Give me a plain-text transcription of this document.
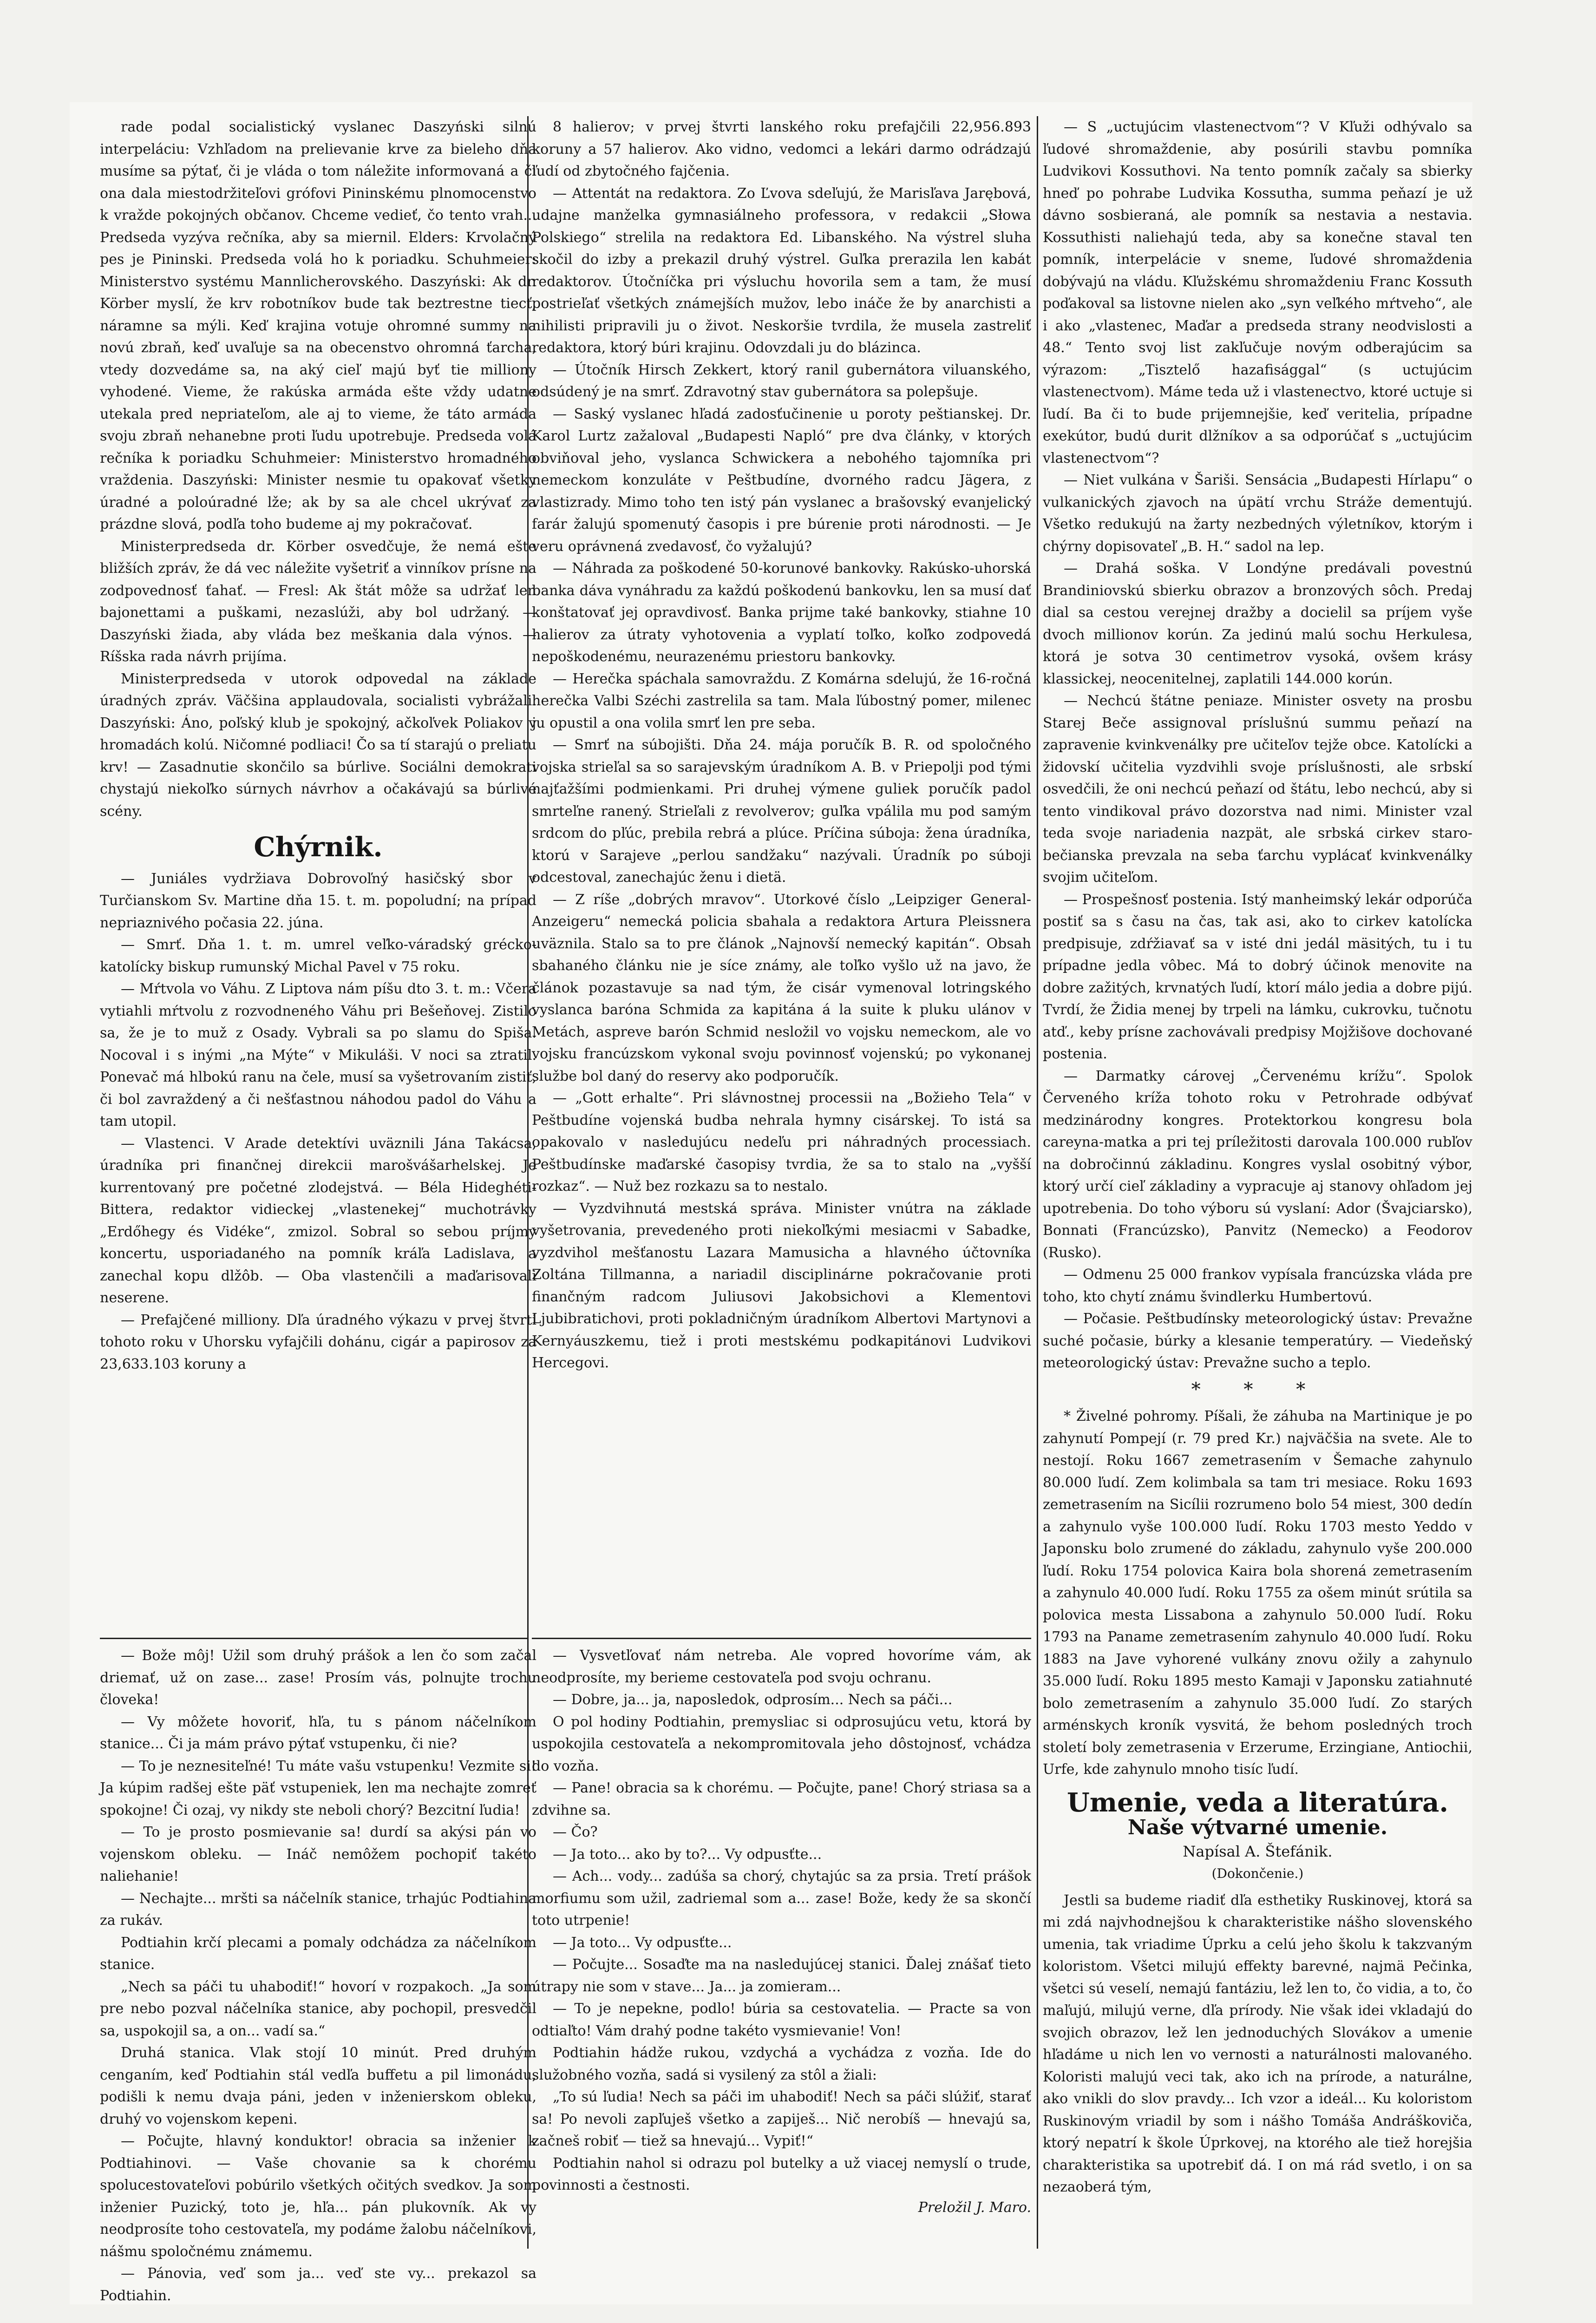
rade podal socialistický vyslanec Daszyński silnú interpeláciu: Vzhľadom na prelievanie krve za bieleho dňa musíme sa pýtať, či je vláda o tom náležite informovaná a či ona dala miestodržiteľovi grófovi Pininskému plnomocenstvo k vražde pokojných občanov. Chceme vedieť, čo tento vrah... Predseda vyzýva rečníka, aby sa miernil. Elders: Krvolačný pes je Pininski. Predseda volá ho k poriadku. Schuhmeier: Ministerstvo systému Mannlicherovského. Daszyński: Ak dr. Körber myslí, že krv robotníkov bude tak beztrestne tiecť, náramne sa mýli. Keď krajina votuje ohromné summy na novú zbraň, keď uvaľuje sa na obecenstvo ohromná ťarcha, vtedy dozvedáme sa, na aký cieľ majú byť tie milliony vyhodené. Vieme, že rakúska armáda ešte vždy udatne utekala pred nepriateľom, ale aj to vieme, že táto armáda svoju zbraň nehanebne proti ľudu upotrebuje. Predseda volá rečníka k poriadku Schuhmeier: Ministerstvo hromadného vraždenia. Daszyński: Minister nesmie tu opakovať všetky úradné a poloúradné lže; ak by sa ale chcel ukrývať za prázdne slová, podľa toho budeme aj my pokračovať.

Ministerpredseda dr. Körber osvedčuje, že nemá ešte bližších zpráv, že dá vec náležite vyšetriť a vinníkov prísne na zodpovednosť ťahať. — Fresl: Ak štát môže sa udržať len bajonettami a puškami, nezaslúži, aby bol udržaný. — Daszyński žiada, aby vláda bez meškania dala výnos. — Ríšska rada návrh prijíma.

Ministerpredseda v utorok odpovedal na základe úradných zpráv. Väčšina applaudovala, socialisti vybrážali. Daszyński: Áno, poľský klub je spokojný, ačkoľvek Poliakov v hromadách kolú. Ničomné podliaci! Čo sa tí starajú o preliatu krv! — Zasadnutie skončilo sa búrlive. Sociálni demokrati chystajú niekoľko súrnych návrhov a očakávajú sa búrlivé scény.

Chýrnik.

— Juniáles vydržiava Dobrovoľný hasičský sbor v Turčianskom Sv. Martine dňa 15. t. m. popoludní; na prípad nepriaznivého počasia 22. júna.

— Smrť. Dňa 1. t. m. umrel veľko-váradský grécko-katolícky biskup rumunský Michal Pavel v 75 roku.

— Mŕtvola vo Váhu. Z Liptova nám píšu dto 3. t. m.: Včera vytiahli mŕtvolu z rozvodneného Váhu pri Bešeňovej. Zistilo sa, že je to muž z Osady. Vybrali sa po slamu do Spiša. Nocoval i s inými „na Mýte“ v Mikuláši. V noci sa ztratil. Ponevač má hlbokú ranu na čele, musí sa vyšetrovaním zistiť, či bol zavraždený a či nešťastnou náhodou padol do Váhu a tam utopil.

— Vlastenci. V Arade detektívi uväznili Jána Takácsa, úradníka pri finančnej direkcii marošvášarhelskej. Je kurrentovaný pre početné zlodejstvá. — Béla Hideghéti-Bittera, redaktor vidieckej „vlastenekej“ muchotrávky „Erdőhegy és Vidéke“, zmizol. Sobral so sebou príjmy koncertu, usporiadaného na pomník kráľa Ladislava, a zanechal kopu dlžôb. — Oba vlastenčili a maďarisovali neserene.

— Prefajčené milliony. Dľa úradného výkazu v prvej štvrti tohoto roku v Uhorsku vyfajčili dohánu, cigár a papirosov za 23,633.103 koruny a

— Bože môj! Užil som druhý prášok a len čo som začal driemať, už on zase... zase! Prosím vás, polnujte trochu človeka!

— Vy môžete hovoriť, hľa, tu s pánom náčelníkom stanice... Či ja mám právo pýtať vstupenku, či nie?

— To je neznesiteľné! Tu máte vašu vstupenku! Vezmite si! Ja kúpim radšej ešte päť vstupeniek, len ma nechajte zomreť spokojne! Či ozaj, vy nikdy ste neboli chorý? Bezcitní ľudia!

— To je prosto posmievanie sa! durdí sa akýsi pán vo vojenskom obleku. — Ináč nemôžem pochopiť takéto naliehanie!

— Nechajte... mršti sa náčelník stanice, trhajúc Podtiahina za rukáv.

Podtiahin krčí plecami a pomaly odchádza za náčelníkom stanice.

„Nech sa páči tu uhabodiť!“ hovorí v rozpakoch. „Ja som pre nebo pozval náčelníka stanice, aby pochopil, presvedčil sa, uspokojil sa, a on... vadí sa.“

Druhá stanica. Vlak stojí 10 minút. Pred druhým cenganím, keď Podtiahin stál vedľa buffetu a pil limonádu, podišli k nemu dvaja páni, jeden v inženierskom obleku, druhý vo vojenskom kepeni.

— Počujte, hlavný konduktor! obracia sa inženier k Podtiahinovi. — Vaše chovanie sa k chorému spolucestovateľovi pobúrilo všetkých očitých svedkov. Ja som inženier Puzický, toto je, hľa... pán plukovník. Ak vy neodprosíte toho cestovateľa, my podáme žalobu náčelníkovi, nášmu spoločnému známemu.

— Pánovia, veď som ja... veď ste vy... prekazol sa Podtiahin.

8 halierov; v prvej štvrti lanského roku prefajčili 22,956.893 koruny a 57 halierov. Ako vidno, vedomci a lekári darmo odrádzajú ľudí od zbytočného fajčenia.

— Attentát na redaktora. Zo Ľvova sdeľujú, že Marisľava Jarębová, udajne manželka gymnasiálneho professora, v redakcii „Słowa Polskiego“ strelila na redaktora Ed. Libanského. Na výstrel sluha skočil do izby a prekazil druhý výstrel. Guľka prerazila len kabát redaktorov. Útočníčka pri výsluchu hovorila sem a tam, že musí postrieľať všetkých známejších mužov, lebo ináče že by anarchisti a nihilisti pripravili ju o život. Neskoršie tvrdila, že musela zastreliť redaktora, ktorý búri krajinu. Odovzdali ju do blázinca.

— Útočník Hirsch Zekkert, ktorý ranil gubernátora viluanského, odsúdený je na smrť. Zdravotný stav gubernátora sa polepšuje.

— Saský vyslanec hľadá zadosťučinenie u poroty peštianskej. Dr. Karol Lurtz zažaloval „Budapesti Napló“ pre dva články, v ktorých obviňoval jeho, vyslanca Schwickera a nebohého tajomníka pri nemeckom konzuláte v Peštbudíne, dvorného radcu Jägera, z vlastizrady. Mimo toho ten istý pán vyslanec a brašovský evanjelický farár žalujú spomenutý časopis i pre búrenie proti národnosti. — Je veru oprávnená zvedavosť, čo vyžalujú?

— Náhrada za poškodené 50-korunové bankovky. Rakúsko-uhorská banka dáva vynáhradu za každú poškodenú bankovku, len sa musí dať konštatovať jej opravdivosť. Banka prijme také bankovky, stiahne 10 halierov za útraty vyhotovenia a vyplatí toľko, koľko zodpovedá nepoškodenému, neurazenému priestoru bankovky.

— Herečka spáchala samovraždu. Z Komárna sdelujú, že 16-ročná herečka Valbi Széchi zastrelila sa tam. Mala ľúbostný pomer, milenec ju opustil a ona volila smrť len pre seba.

— Smrť na súbojišti. Dňa 24. mája poručík B. R. od spoločného vojska strieľal sa so sarajevským úradníkom A. B. v Priepolji pod tými najťažšími podmienkami. Pri druhej výmene guliek poručík padol smrteľne ranený. Strieľali z revolverov; guľka vpálila mu pod samým srdcom do pľúc, prebila rebrá a plúce. Príčina súboja: žena úradníka, ktorú v Sarajeve „perlou sandžaku“ nazývali. Úradník po súboji odcestoval, zanechajúc ženu i dietä.

— Z ríše „dobrých mravov“. Utorkové číslo „Leipziger General-Anzeigeru“ nemecká policia sbahala a redaktora Artura Pleissnera uväznila. Stalo sa to pre článok „Najnovší nemecký kapitán“. Obsah sbahaného článku nie je síce známy, ale toľko vyšlo už na javo, že článok pozastavuje sa nad tým, že cisár vymenoval lotringského vyslanca baróna Schmida za kapitána á la suite k pluku ulánov v Metách, aspreve barón Schmid nesložil vo vojsku nemeckom, ale vo vojsku francúzskom vykonal svoju povinnosť vojenskú; po vykonanej službe bol daný do reservy ako podporučík.

— „Gott erhalte“. Pri slávnostnej processii na „Božieho Tela“ v Peštbudíne vojenská budba nehrala hymny cisárskej. To istá sa opakovalo v nasledujúcu nedeľu pri náhradných processiach. Peštbudínske maďarské časopisy tvrdia, že sa to stalo na „vyšší rozkaz“. — Nuž bez rozkazu sa to nestalo.

— Vyzdvihnutá mestská správa. Minister vnútra na základe vyšetrovania, prevedeného proti niekoľkými mesiacmi v Sabadke, vyzdvihol mešťanostu Lazara Mamusicha a hlavného účtovníka Zoltána Tillmanna, a nariadil disciplinárne pokračovanie proti finančným radcom Juliusovi Jakobsichovi a Klementovi Ljubibratichovi, proti pokladničným úradníkom Albertovi Martynovi a Kernyáuszkemu, tiež i proti mestskému podkapitánovi Ludvikovi Hercegovi.

— Vysvetľovať nám netreba. Ale vopred hovoríme vám, ak neodprosíte, my berieme cestovateľa pod svoju ochranu.

— Dobre, ja... ja, naposledok, odprosím... Nech sa páči...

O pol hodiny Podtiahin, premysliac si odprosujúcu vetu, ktorá by uspokojila cestovateľa a nekompromitovala jeho dôstojnosť, vchádza do vozňa.

— Pane! obracia sa k chorému. — Počujte, pane! Chorý striasa sa a zdvihne sa.

— Čo?

— Ja toto... ako by to?... Vy odpusťte...

— Ach... vody... zadúša sa chorý, chytajúc sa za prsia. Tretí prášok morfiumu som užil, zadriemal som a... zase! Bože, kedy že sa skončí toto utrpenie!

— Ja toto... Vy odpusťte...

— Počujte... Sosaďte ma na nasledujúcej stanici. Ďalej znášať tieto útrapy nie som v stave... Ja... ja zomieram...

— To je nepekne, podlo! búria sa cestovatelia. — Practe sa von odtiaľto! Vám drahý podne takéto vysmievanie! Von!

Podtiahin hádže rukou, vzdychá a vychádza z vozňa. Ide do služobného vozňa, sadá si vysilený za stôl a žiali:

„To sú ľudia! Nech sa páči im uhabodiť! Nech sa páči slúžiť, starať sa! Po nevoli zapľuješ všetko a zapiješ... Nič nerobíš — hnevajú sa, začneš robiť — tiež sa hnevajú... Vypiť!“

Podtiahin nahol si odrazu pol butelky a už viacej nemyslí o trude, povinnosti a čestnosti.

Preložil J. Maro.

— S „uctujúcim vlastenectvom“? V Kľuži odhývalo sa ľudové shromaždenie, aby posúrili stavbu pomníka Ludvikovi Kossuthovi. Na tento pomník začaly sa sbierky hneď po pohrabe Ludvika Kossutha, summa peňazí je už dávno sosbieraná, ale pomník sa nestavia a nestavia. Kossuthisti naliehajú teda, aby sa konečne staval ten pomník, interpelácie v sneme, ľudové shromaždenia dobývajú na vládu. Kľužskému shromaždeniu Franc Kossuth poďakoval sa listovne nielen ako „syn veľkého mŕtveho“, ale i ako „vlastenec, Maďar a predseda strany neodvislosti a 48.“ Tento svoj list zakľučuje novým odberajúcim sa výrazom: „Tisztelő hazafisággal“ (s uctujúcim vlastenectvom). Máme teda už i vlastenectvo, ktoré uctuje si ľudí. Ba či to bude prijemnejšie, keď veritelia, prípadne exekútor, budú durit dlžníkov a sa odporúčať s „uctujúcim vlastenectvom“?

— Niet vulkána v Šariši. Sensácia „Budapesti Hírlapu“ o vulkanických zjavoch na úpätí vrchu Stráže dementujú. Všetko redukujú na žarty nezbedných výletníkov, ktorým i chýrny dopisovateľ „B. H.“ sadol na lep.

— Drahá soška. V Londýne predávali povestnú Brandiniovskú sbierku obrazov a bronzových sôch. Predaj dial sa cestou verejnej dražby a docielil sa príjem vyše dvoch millionov korún. Za jedinú malú sochu Herkulesa, ktorá je sotva 30 centimetrov vysoká, ovšem krásy klassickej, neocenitelnej, zaplatili 144.000 korún.

— Nechcú štátne peniaze. Minister osvety na prosbu Starej Beče assignoval príslušnú summu peňazí na zapravenie kvinkvenálky pre učiteľov tejže obce. Katolícki a židovskí učitelia vyzdvihli svoje príslušnosti, ale srbskí osvedčili, že oni nechcú peňazí od štátu, lebo nechcú, aby si tento vindikoval právo dozorstva nad nimi. Minister vzal teda svoje nariadenia nazpät, ale srbská cirkev staro-bečianska prevzala na seba ťarchu vyplácať kvinkvenálky svojim učiteľom.

— Prospešnosť postenia. Istý manheimský lekár odporúča postiť sa s času na čas, tak asi, ako to cirkev katolícka predpisuje, zdŕžiavať sa v isté dni jedál mäsitých, tu i tu prípadne jedla vôbec. Má to dobrý účinok menovite na dobre zažitých, krvnatých ľudí, ktorí málo jedia a dobre pijú. Tvrdí, že Židia menej by trpeli na lámku, cukrovku, tučnotu atď., keby prísne zachovávali predpisy Mojžišove dochované postenia.

— Darmatky cárovej „Červenému krížu“. Spolok Červeného kríža tohoto roku v Petrohrade odbývať medzinárodny kongres. Protektorkou kongresu bola careyna-matka a pri tej príležitosti darovala 100.000 rubľov na dobročinnú základinu. Kongres vyslal osobitný výbor, ktorý určí cieľ základiny a vypracuje aj stanovy ohľadom jej upotrebenia. Do toho výboru sú vyslaní: Ador (Švajciarsko), Bonnati (Francúzsko), Panvitz (Nemecko) a Feodorov (Rusko).

— Odmenu 25 000 frankov vypísala francúzska vláda pre toho, kto chytí známu švindlerku Humbertovú.

— Počasie. Peštbudínsky meteorologický ústav: Prevažne suché počasie, búrky a klesanie temperatúry. — Viedeňský meteorologický ústav: Prevažne sucho a teplo.

* * *

* Živelné pohromy. Píšali, že záhuba na Martinique je po zahynutí Pompejí (r. 79 pred Kr.) najväčšia na svete. Ale to nestojí. Roku 1667 zemetrasením v Šemache zahynulo 80.000 ľudí. Zem kolimbala sa tam tri mesiace. Roku 1693 zemetrasením na Sicílii rozrumeno bolo 54 miest, 300 dedín a zahynulo vyše 100.000 ľudí. Roku 1703 mesto Yeddo v Japonsku bolo zrumené do základu, zahynulo vyše 200.000 ľudí. Roku 1754 polovica Kaira bola shorená zemetrasením a zahynulo 40.000 ľudí. Roku 1755 za ošem minút srútila sa polovica mesta Lissabona a zahynulo 50.000 ľudí. Roku 1793 na Paname zemetrasením zahynulo 40.000 ľudí. Roku 1883 na Jave vyhorené vulkány znovu ožily a zahynulo 35.000 ľudí. Roku 1895 mesto Kamaji v Japonsku zatiahnuté bolo zemetrasením a zahynulo 35.000 ľudí. Zo starých arménskych kroník vysvitá, že behom posledných troch století boly zemetrasenia v Erzerume, Erzingiane, Antiochii, Urfe, kde zahynulo mnoho tisíc ľudí.

Umenie, veda a literatúra.
Naše výtvarné umenie.
Napísal A. Štefánik.
(Dokončenie.)

Jestli sa budeme riadiť dľa esthetiky Ruskinovej, ktorá sa mi zdá najvhodnejšou k charakteristike nášho slovenského umenia, tak vriadime Úprku a celú jeho školu k takzvaným koloristom. Všetci milujú effekty barevné, najmä Pečinka, všetci sú veselí, nemajú fantáziu, lež len to, čo vidia, a to, čo maľujú, milujú verne, dľa prírody. Nie však idei vkladajú do svojich obrazov, lež len jednoduchých Slovákov a umenie hľadáme u nich len vo vernosti a naturálnosti malovaného. Koloristi malujú veci tak, ako ich na prírode, a naturálne, ako vnikli do slov pravdy... Ich vzor a ideál... Ku koloristom Ruskinovým vriadil by som i nášho Tomáša Andráškoviča, ktorý nepatrí k škole Úprkovej, na ktorého ale tiež horejšia charakteristika sa upotrebiť dá. I on má rád svetlo, i on sa nezaoberá tým,
